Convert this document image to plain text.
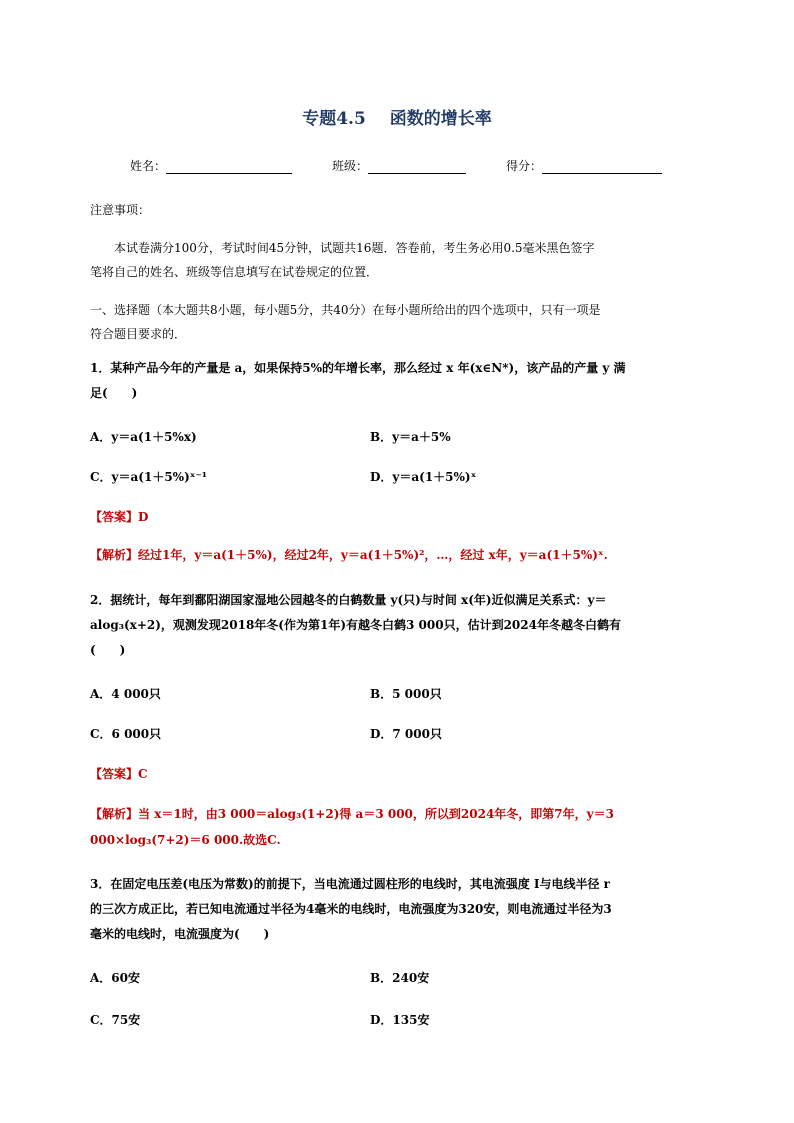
专题4.5 函数的增长率
姓名：	班级：	得分：
注意事项：
本试卷满分100分，考试时间45分钟，试题共16题．答卷前，考生务必用0.5毫米黑色签字
笔将自己的姓名、班级等信息填写在试卷规定的位置．
一、选择题（本大题共8小题，每小题5分，共40分）在每小题所给出的四个选项中，只有一项是
符合题目要求的．
1．某种产品今年的产量是 a，如果保持5%的年增长率，那么经过 x 年(x∈N*)，该产品的产量 y 满
足(　　)
A．y＝a(1＋5%x)	B．y＝a＋5%
C．y＝a(1＋5%)ˣ⁻¹	D．y＝a(1＋5%)ˣ
【答案】D
【解析】经过1年，y＝a(1＋5%)，经过2年，y＝a(1＋5%)²，…，经过 x年，y＝a(1＋5%)ˣ.
2．据统计，每年到鄱阳湖国家湿地公园越冬的白鹤数量 y(只)与时间 x(年)近似满足关系式：y＝
alog₃(x+2)，观测发现2018年冬(作为第1年)有越冬白鹤3 000只，估计到2024年冬越冬白鹤有
(　　)
A．4 000只	B．5 000只
C．6 000只	D．7 000只
【答案】C
【解析】当 x＝1时，由3 000＝alog₃(1+2)得 a＝3 000，所以到2024年冬，即第7年，y＝3
000×log₃(7+2)＝6 000.故选C.
3．在固定电压差(电压为常数)的前提下，当电流通过圆柱形的电线时，其电流强度 I与电线半径 r
的三次方成正比，若已知电流通过半径为4毫米的电线时，电流强度为320安，则电流通过半径为3
毫米的电线时，电流强度为(　　)
A．60安	B．240安
C．75安	D．135安
